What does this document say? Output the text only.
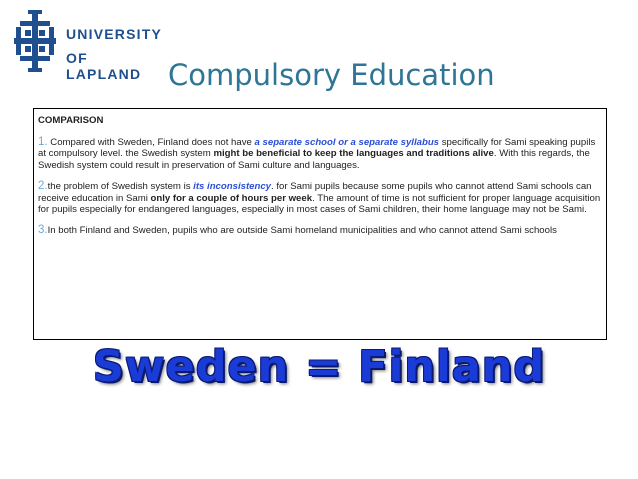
UNIVERSITY
OF LAPLAND Compulsory Education

COMPARISON

1. Compared with Sweden, Finland does not have a separate school or a separate syllabus specifically for Sami speaking pupils at compulsory level. the Swedish system might be beneficial to keep the languages and traditions alive. With this regards, the Swedish system could result in preservation of Sami culture and languages.

2.the problem of Swedish system is its inconsistency. for Sami pupils because some pupils who cannot attend Sami schools can receive education in Sami only for a couple of hours per week. The amount of time is not sufficient for proper language acquisition for pupils especially for endangered languages, especially in most cases of Sami children, their home language may not be Sami.

3.In both Finland and Sweden, pupils who are outside Sami homeland municipalities and who cannot attend Sami schools

Sweden = Finland
